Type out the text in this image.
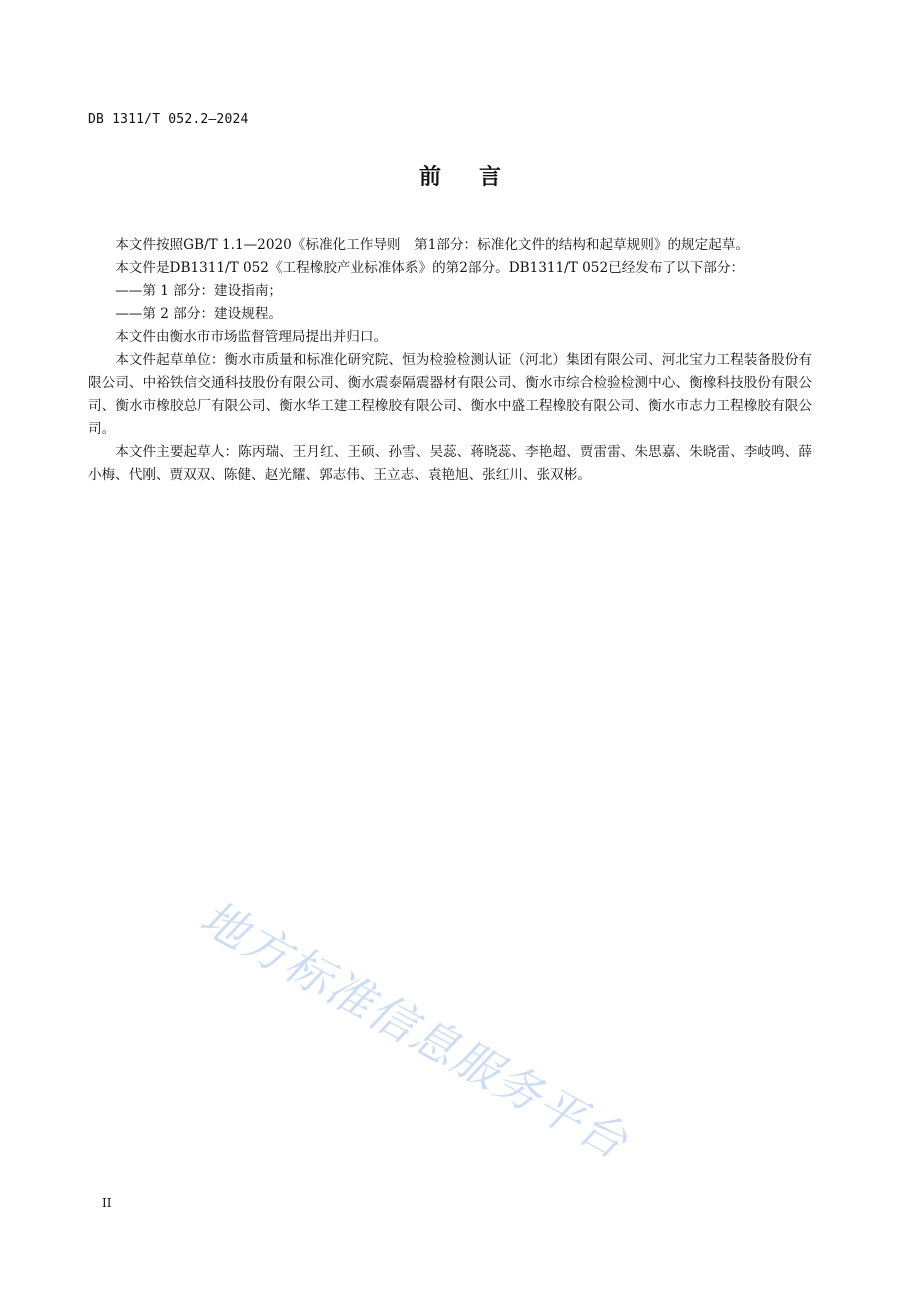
DB 1311/T 052.2—2024
前言

本文件按照GB/T 1.1—2020《标准化工作导则　第1部分：标准化文件的结构和起草规则》的规定起草。

本文件是DB1311/T 052《工程橡胶产业标准体系》的第2部分。DB1311/T 052已经发布了以下部分：

——第 1 部分：建设指南；

——第 2 部分：建设规程。

本文件由衡水市市场监督管理局提出并归口。

本文件起草单位：衡水市质量和标准化研究院、恒为检验检测认证（河北）集团有限公司、河北宝力工程装备股份有限公司、中裕铁信交通科技股份有限公司、衡水震泰隔震器材有限公司、衡水市综合检验检测中心、衡橡科技股份有限公司、衡水市橡胶总厂有限公司、衡水华工建工程橡胶有限公司、衡水中盛工程橡胶有限公司、衡水市志力工程橡胶有限公司。

本文件主要起草人：陈丙瑞、王月红、王硕、孙雪、吴蕊、蒋晓蕊、李艳超、贾雷雷、朱思嘉、朱晓雷、李岐鸣、薛小梅、代刚、贾双双、陈健、赵光耀、郭志伟、王立志、袁艳旭、张红川、张双彬。

地方标准信息服务平台
II
